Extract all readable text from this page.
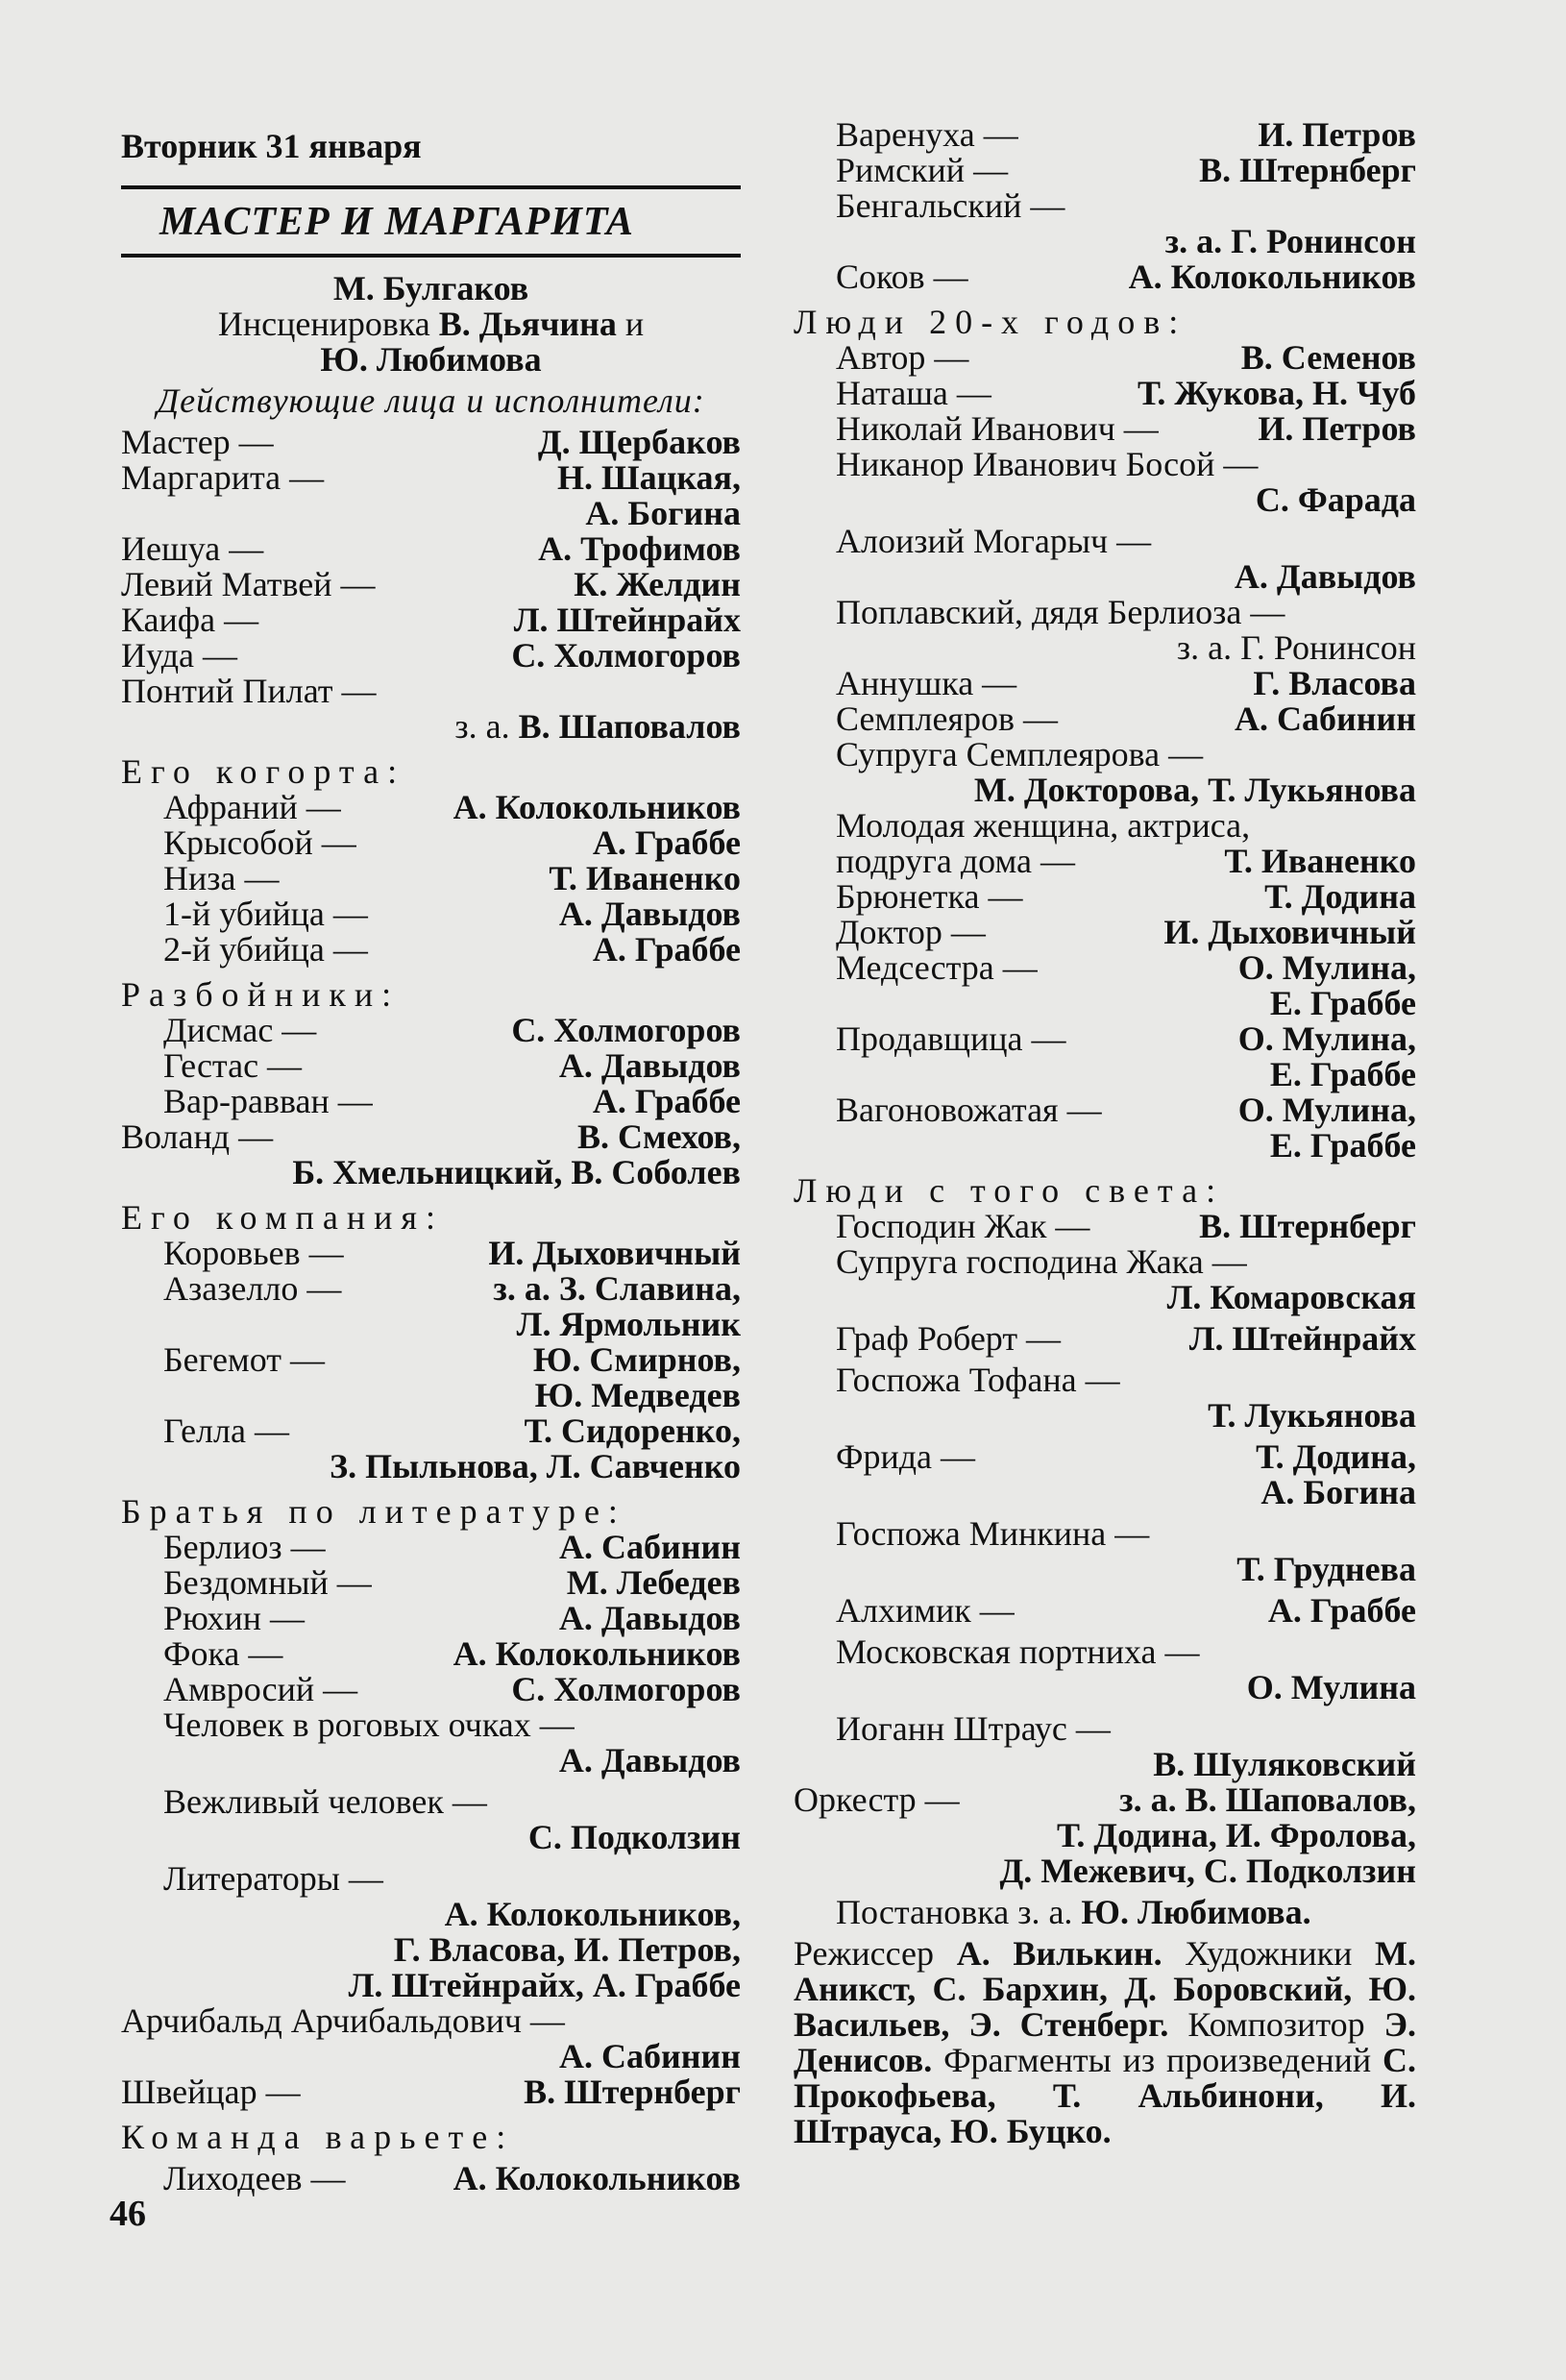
Вторник 31 января
МАСТЕР И МАРГАРИТА
М. Булгаков
Инсценировка В. Дьячина и
Ю. Любимова
Действующие лица и исполнители:
Мастер —	Д. Щербаков
Маргарита —	Н. Шацкая,
А. Богина
Иешуа —	А. Трофимов
Левий Матвей —	К. Желдин
Каифа —	Л. Штейнрайх
Иуда —	С. Холмогоров
Понтий Пилат —
з. а. В. Шаповалов
Его когорта:
Афраний —	А. Колокольников
Крысобой —	А. Граббе
Низа —	Т. Иваненко
1-й убийца —	А. Давыдов
2-й убийца —	А. Граббе
Разбойники:
Дисмас —	С. Холмогоров
Гестас —	А. Давыдов
Вар-равван —	А. Граббе
Воланд —	В. Смехов,
Б. Хмельницкий, В. Соболев
Его компания:
Коровьев —	И. Дыховичный
Азазелло —	з. а. З. Славина,
Л. Ярмольник
Бегемот —	Ю. Смирнов,
Ю. Медведев
Гелла —	Т. Сидоренко,
З. Пыльнова, Л. Савченко
Братья по литературе:
Берлиоз —	А. Сабинин
Бездомный —	М. Лебедев
Рюхин —	А. Давыдов
Фока —	А. Колокольников
Амвросий —	С. Холмогоров
Человек в роговых очках —
А. Давыдов
Вежливый человек —
С. Подколзин
Литераторы —
А. Колокольников,
Г. Власова, И. Петров,
Л. Штейнрайх, А. Граббе
Арчибальд Арчибальдович —
А. Сабинин
Швейцар —	В. Штернберг
Команда варьете:
Лиходеев —	А. Колокольников
Варенуха —	И. Петров
Римский —	В. Штернберг
Бенгальский —
з. а. Г. Ронинсон
Соков —	А. Колокольников
Люди 20-х годов:
Автор —	В. Семенов
Наташа —	Т. Жукова, Н. Чуб
Николай Иванович —	И. Петров
Никанор Иванович Босой —
С. Фарада
Алоизий Могарыч —
А. Давыдов
Поплавский, дядя Берлиоза —
з. а. Г. Ронинсон
Аннушка —	Г. Власова
Семплеяров —	А. Сабинин
Супруга Семплеярова —
М. Докторова, Т. Лукьянова
Молодая женщина, актриса,
подруга дома —	Т. Иваненко
Брюнетка —	Т. Додина
Доктор —	И. Дыховичный
Медсестра —	О. Мулина,
Е. Граббе
Продавщица —	О. Мулина,
Е. Граббе
Вагоновожатая —	О. Мулина,
Е. Граббе
Люди с того света:
Господин Жак —	В. Штернберг
Супруга господина Жака —
Л. Комаровская
Граф Роберт —	Л. Штейнрайх
Госпожа Тофана —
Т. Лукьянова
Фрида —	Т. Додина,
А. Богина
Госпожа Минкина —
Т. Груднева
Алхимик —	А. Граббе
Московская портниха —
О. Мулина
Иоганн Штраус —
В. Шуляковский
Оркестр —	з. а. В. Шаповалов,
Т. Додина, И. Фролова,
Д. Межевич, С. Подколзин
Постановка з. а. Ю. Любимова.
Режиссер А. Вилькин. Художники М. Аникст, С. Бархин, Д. Боровский, Ю. Васильев, Э. Стенберг. Композитор Э. Денисов. Фрагменты из произведений С. Прокофьева, Т. Альбинони, И. Штрауса, Ю. Буцко.
46
